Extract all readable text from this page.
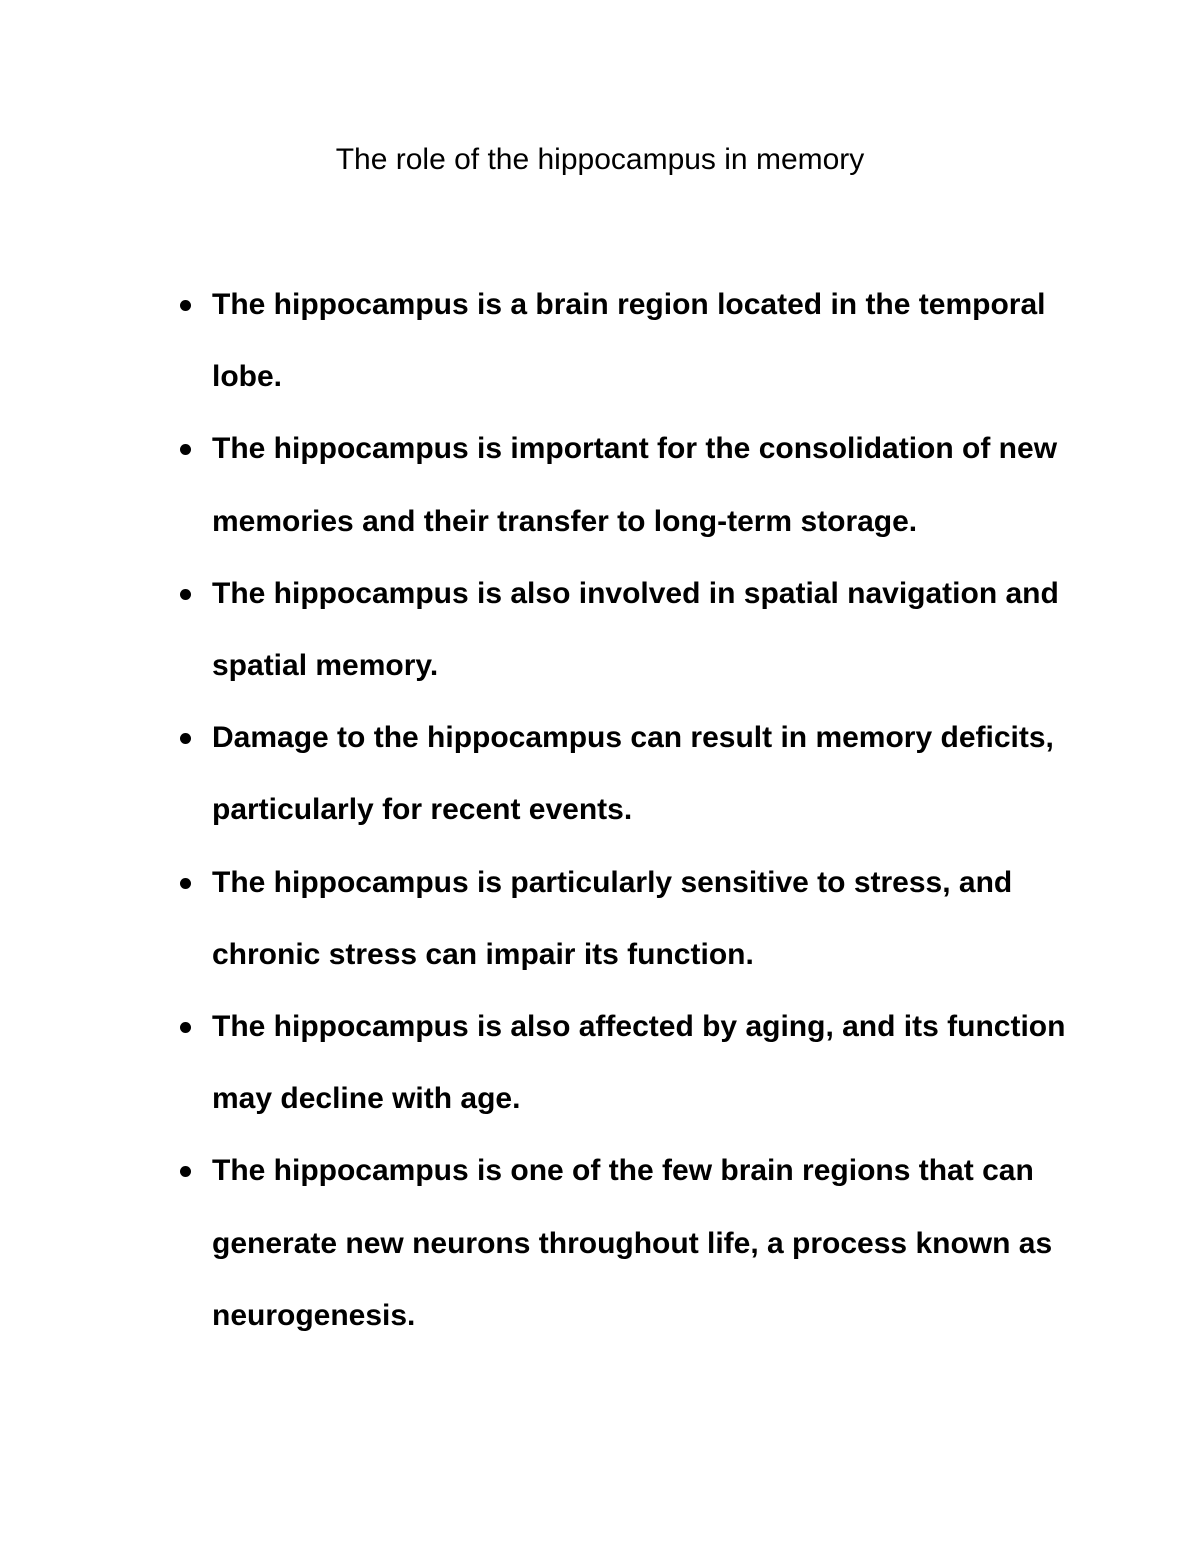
The role of the hippocampus in memory
The hippocampus is a brain region located in the temporal lobe.
The hippocampus is important for the consolidation of new memories and their transfer to long-term storage.
The hippocampus is also involved in spatial navigation and spatial memory.
Damage to the hippocampus can result in memory deficits, particularly for recent events.
The hippocampus is particularly sensitive to stress, and chronic stress can impair its function.
The hippocampus is also affected by aging, and its function may decline with age.
The hippocampus is one of the few brain regions that can generate new neurons throughout life, a process known as neurogenesis.
